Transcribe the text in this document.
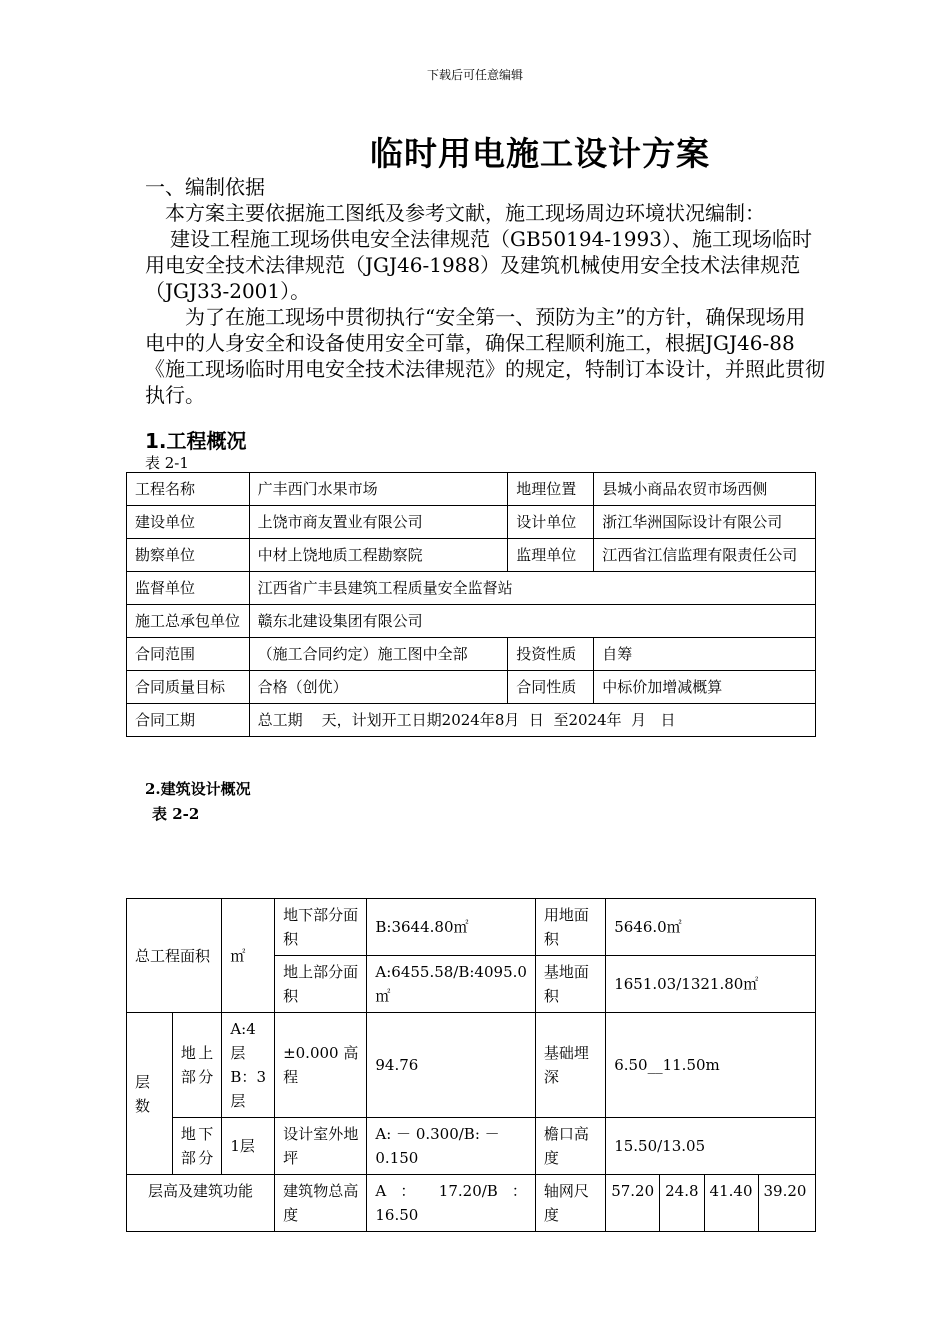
下载后可任意编辑
临时用电施工设计方案

一、编制依据

本方案主要依据施工图纸及参考文献，施工现场周边环境状况编制：

建设工程施工现场供电安全法律规范（GB50194-1993）、施工现场临时用电安全技术法律规范（JGJ46-1988）及建筑机械使用安全技术法律规范（JGJ33-2001）。

为了在施工现场中贯彻执行“安全第一、预防为主”的方针，确保现场用电中的人身安全和设备使用安全可靠，确保工程顺利施工，根据JGJ46-88《施工现场临时用电安全技术法律规范》的规定，特制订本设计，并照此贯彻执行。

1.工程概况
表 2-1
工程名称	广丰西门水果市场	地理位置	县城小商品农贸市场西侧
建设单位	上饶市商友置业有限公司	设计单位	浙江华洲国际设计有限公司
勘察单位	中材上饶地质工程勘察院	监理单位	江西省江信监理有限责任公司
监督单位	江西省广丰县建筑工程质量安全监督站		
施工总承包单位	赣东北建设集团有限公司		
合同范围	（施工合同约定）施工图中全部	投资性质	自筹
合同质量目标	合格（创优）	合同性质	中标价加增减概算
合同工期	总工期    天，计划开工日期2024年8月  日  至2024年  月   日		
2.建筑设计概况
表 2-2
总工程面积		㎡	地下部分面积	B:3644.80㎡	用地面积	5646.0㎡			
			地上部分面积	A:6455.58/B:4095.0㎡	基地面积	1651.03/1321.80㎡			
层数	地上部分	A:4层 B：3层	±0.000 高程	94.76	基础埋深	6.50__11.50m			
	地下部分	1层	设计室外地坪	A: － 0.300/B: －0.150	檐口高度	15.50/13.05			
层高及建筑功能			建筑物总高度	A ： 17.20/B ： 16.50	轴网尺度	57.20	24.8	41.40	39.20
